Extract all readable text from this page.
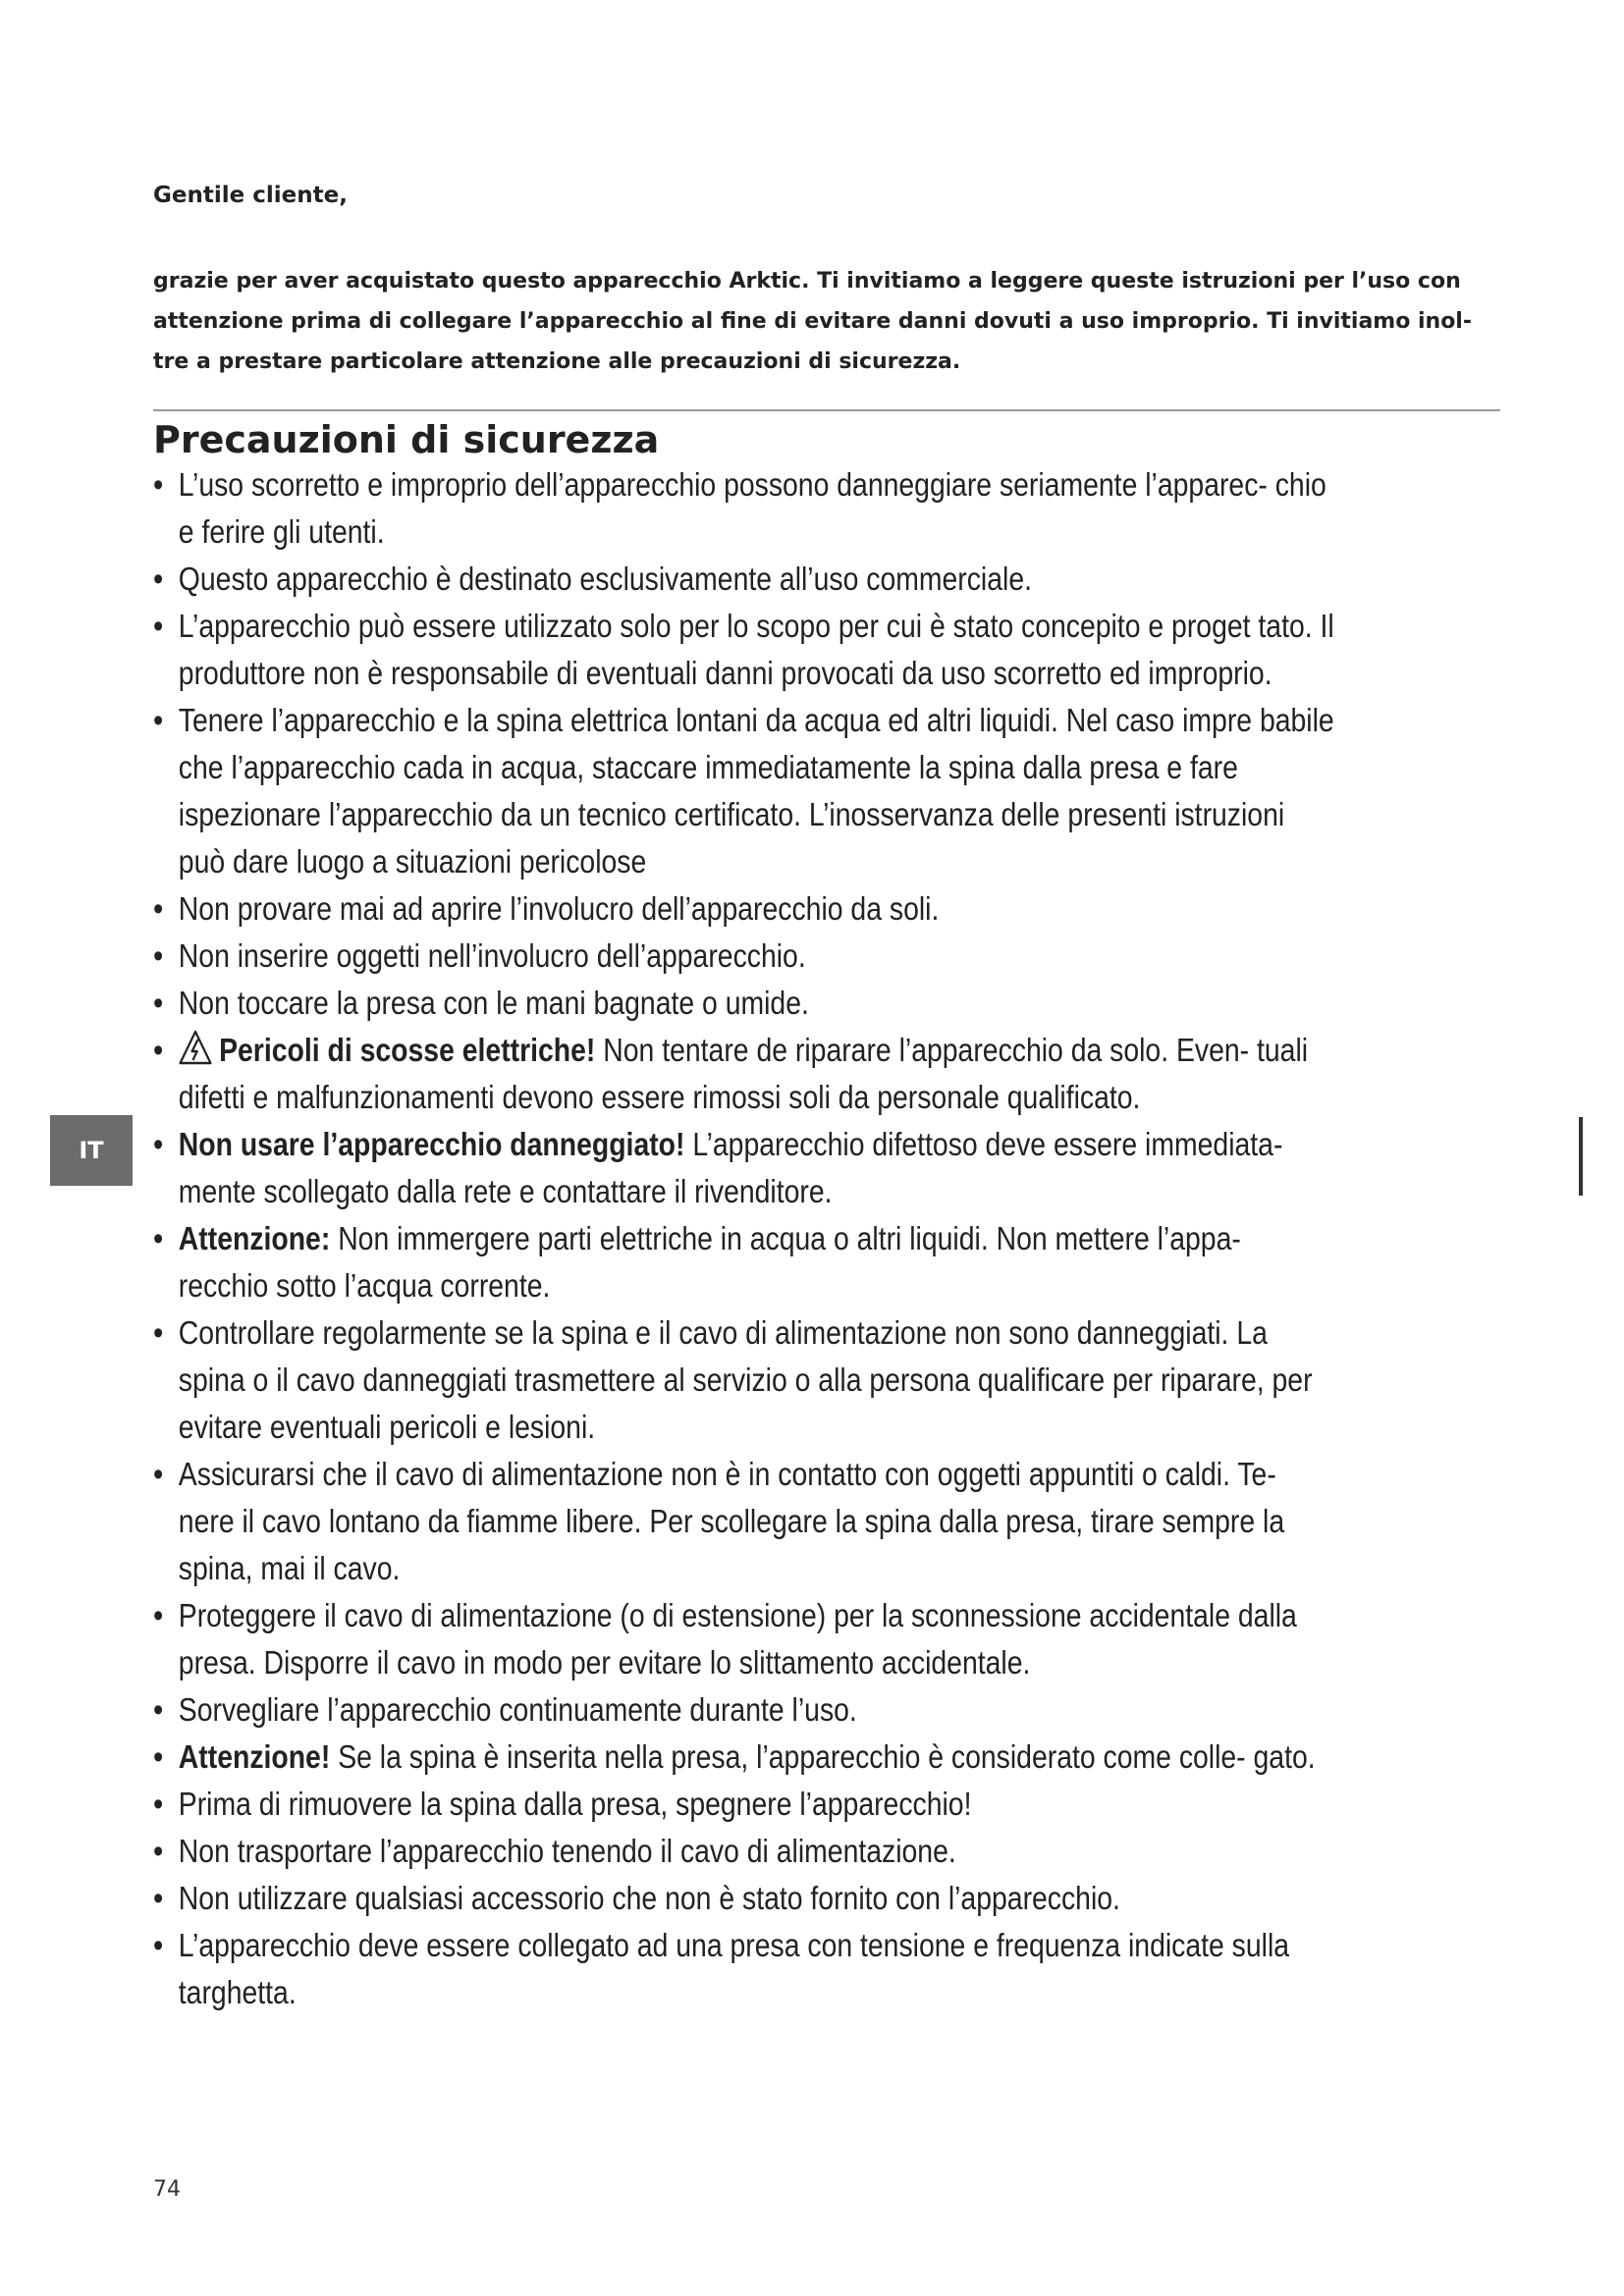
Gentile cliente,
grazie per aver acquistato questo apparecchio Arktic. Ti invitiamo a leggere queste istruzioni per l’uso con attenzione prima di collegare l’apparecchio al fine di evitare danni dovuti a uso improprio. Ti invitiamo inol- tre a prestare particolare attenzione alle precauzioni di sicurezza.
Precauzioni di sicurezza
• L’uso scorretto e improprio dell’apparecchio possono danneggiare seriamente l’apparec- chio e ferire gli utenti.
• Questo apparecchio è destinato esclusivamente all’uso commerciale.
• L’apparecchio può essere utilizzato solo per lo scopo per cui è stato concepito e proget tato. Il produttore non è responsabile di eventuali danni provocati da uso scorretto ed improprio.
• Tenere l’apparecchio e la spina elettrica lontani da acqua ed altri liquidi. Nel caso impre babile che l’apparecchio cada in acqua, staccare immediatamente la spina dalla presa e fare ispezionare l’apparecchio da un tecnico certificato. L’inosservanza delle presenti istruzioni può dare luogo a situazioni pericolose
• Non provare mai ad aprire l’involucro dell’apparecchio da soli.
• Non inserire oggetti nell’involucro dell’apparecchio.
• Non toccare la presa con le mani bagnate o umide.
• Pericoli di scosse elettriche! Non tentare de riparare l’apparecchio da solo. Even- tuali difetti e malfunzionamenti devono essere rimossi soli da personale qualificato.
• Non usare l’apparecchio danneggiato! L’apparecchio difettoso deve essere immediata- mente scollegato dalla rete e contattare il rivenditore.
• Attenzione: Non immergere parti elettriche in acqua o altri liquidi. Non mettere l’appa- recchio sotto l’acqua corrente.
• Controllare regolarmente se la spina e il cavo di alimentazione non sono danneggiati. La spina o il cavo danneggiati trasmettere al servizio o alla persona qualificare per riparare, per evitare eventuali pericoli e lesioni.
• Assicurarsi che il cavo di alimentazione non è in contatto con oggetti appuntiti o caldi. Te- nere il cavo lontano da fiamme libere. Per scollegare la spina dalla presa, tirare sempre la spina, mai il cavo.
• Proteggere il cavo di alimentazione (o di estensione) per la sconnessione accidentale dalla presa. Disporre il cavo in modo per evitare lo slittamento accidentale.
• Sorvegliare l’apparecchio continuamente durante l’uso.
• Attenzione! Se la spina è inserita nella presa, l’apparecchio è considerato come colle- gato.
• Prima di rimuovere la spina dalla presa, spegnere l’apparecchio!
• Non trasportare l’apparecchio tenendo il cavo di alimentazione.
• Non utilizzare qualsiasi accessorio che non è stato fornito con l’apparecchio.
• L’apparecchio deve essere collegato ad una presa con tensione e frequenza indicate sulla targhetta.
IT
74
